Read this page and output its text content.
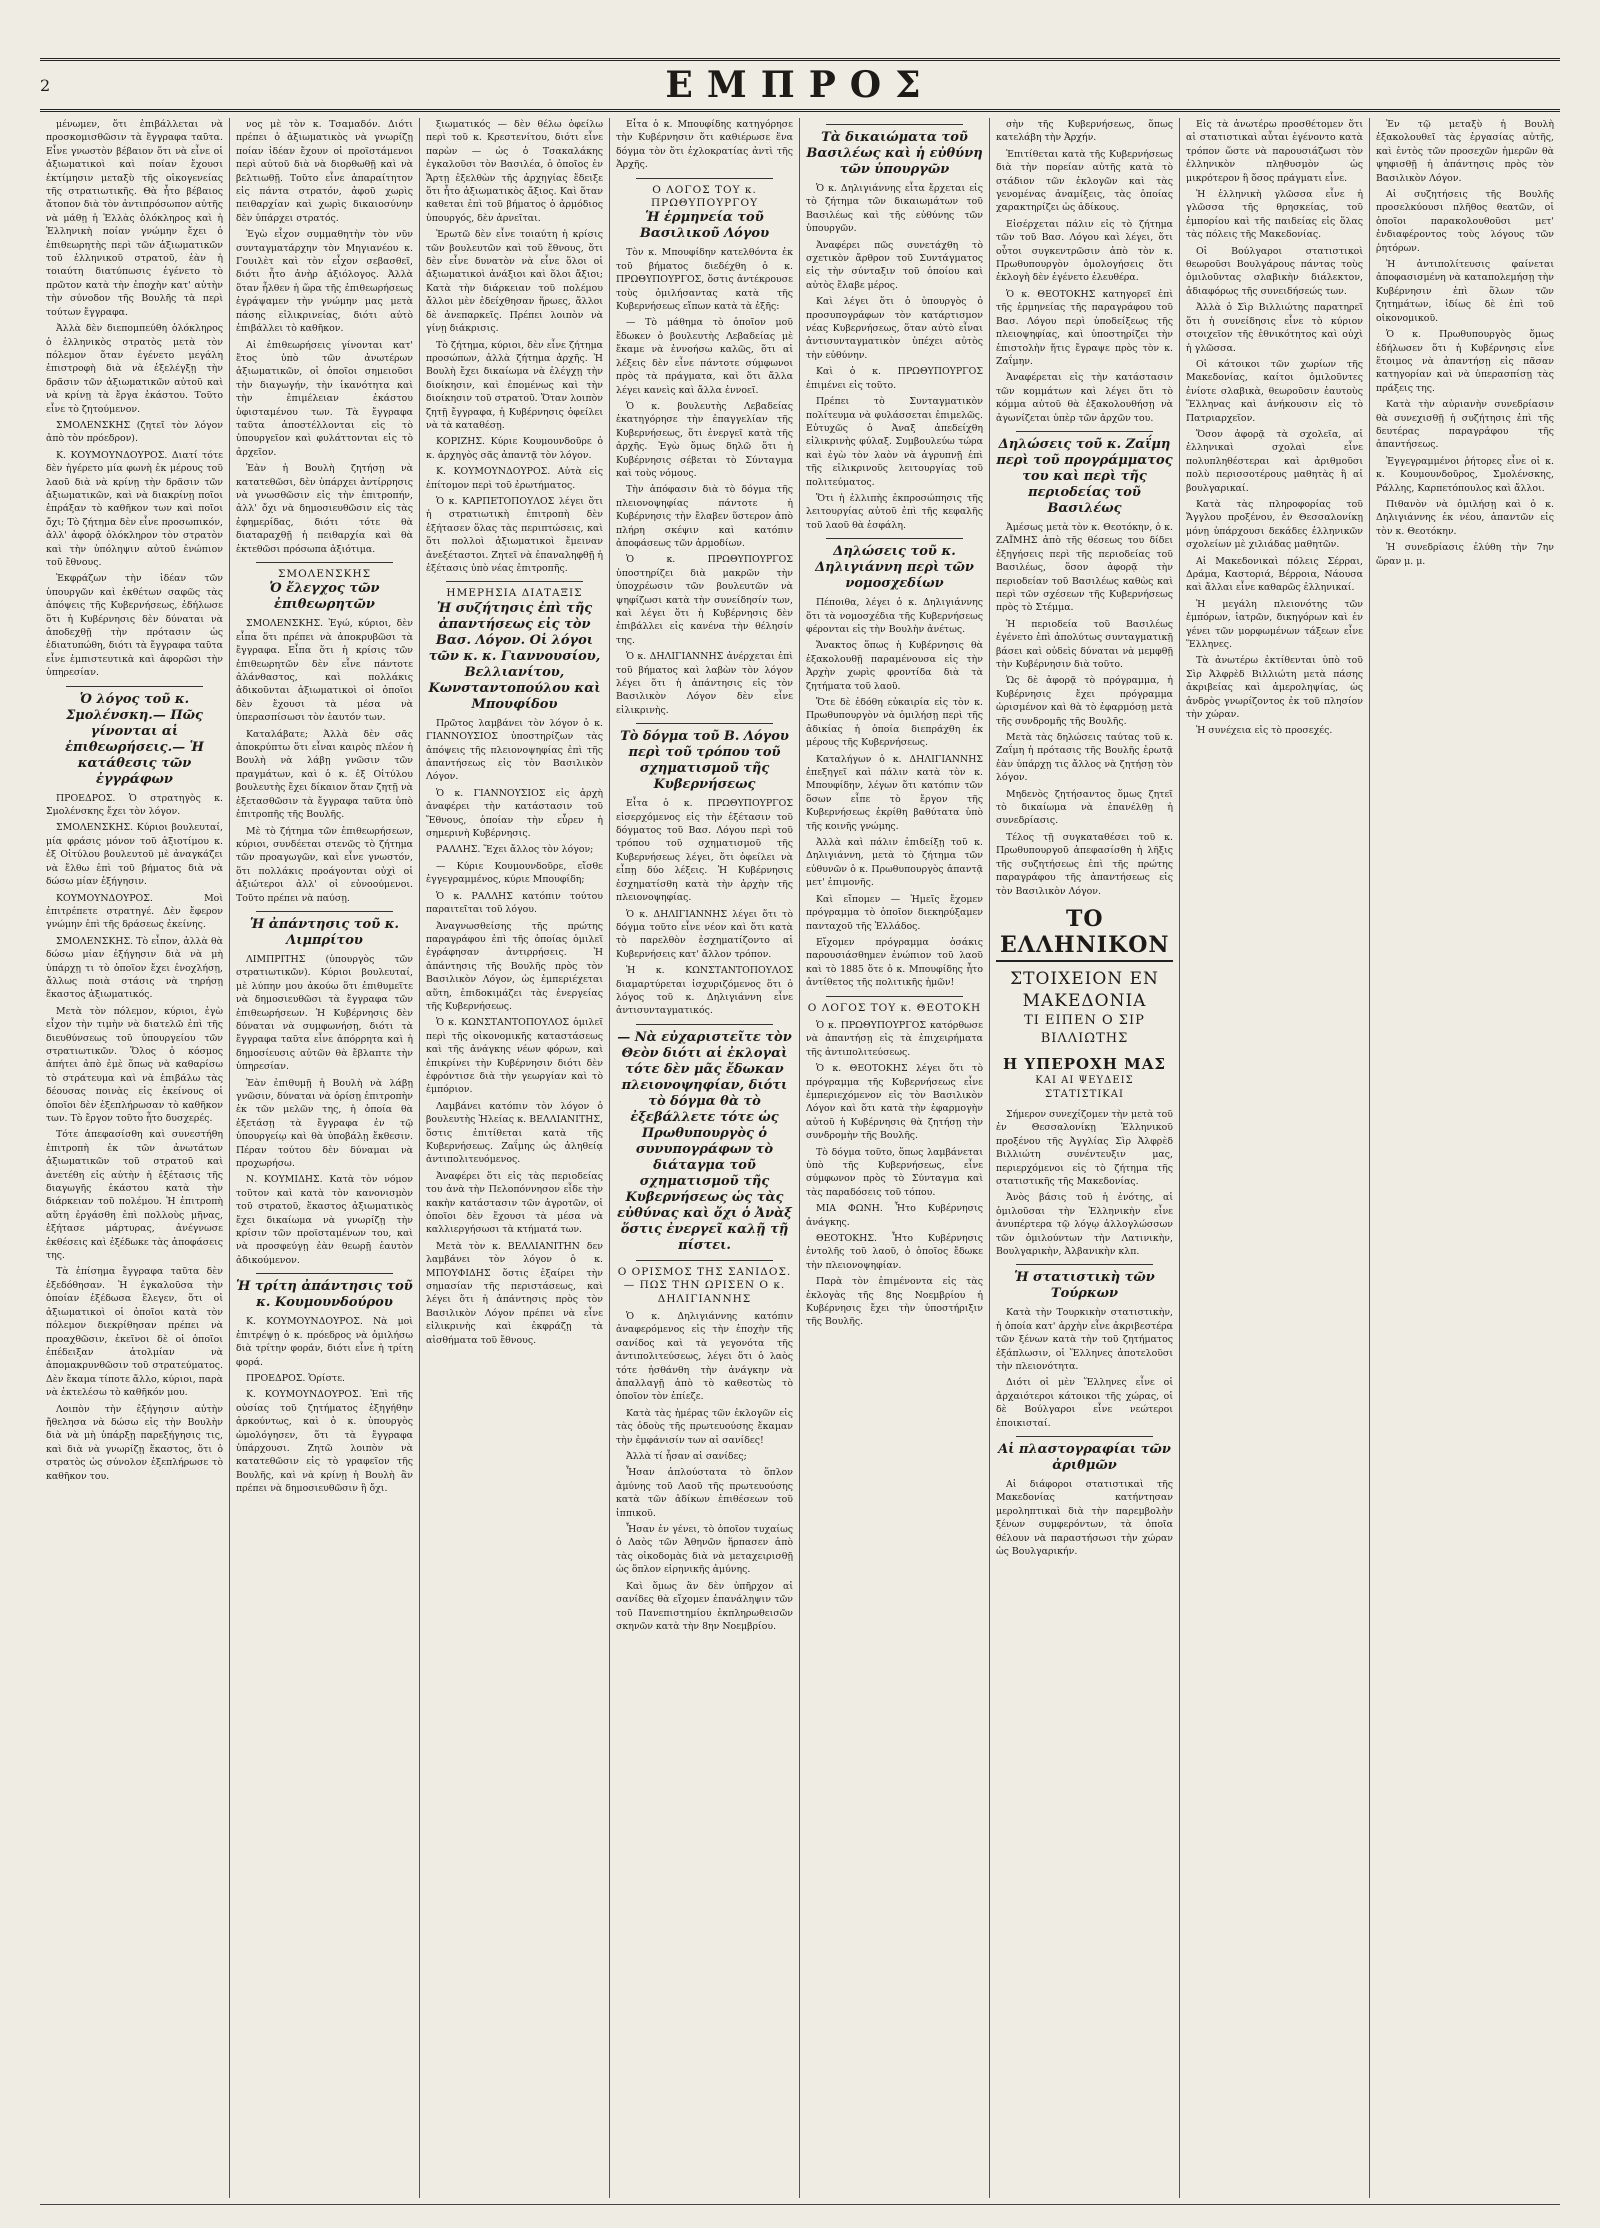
2	ΕΜΠΡΟΣ

μένωμεν, ὅτι ἐπιβάλλεται νὰ προσκομισθῶσιν τὰ ἔγγραφα ταῦτα. Εἶνε γνωστὸν βέβαιον ὅτι νὰ εἶνε οἱ ἀξιωματικοὶ καὶ ποίαν ἔχουσι ἐκτίμησιν μεταξὺ τῆς οἰκογενείας τῆς στρατιωτικῆς. Θὰ ἦτο βέβαιος ἄτοπον διὰ τὸν ἀντιπρόσωπον αὐτῆς νὰ μάθῃ ἡ Ἑλλὰς ὁλόκληρος καὶ ἡ Ἑλληνικὴ ποίαν γνώμην ἔχει ὁ ἐπιθεωρητὴς περὶ τῶν ἀξιωματικῶν τοῦ ἑλληνικοῦ στρατοῦ, ἐὰν ἡ τοιαύτη διατύπωσις ἐγένετο τὸ πρῶτον κατὰ τὴν ἐποχὴν κατ' αὐτὴν τὴν σύνοδον τῆς Βουλῆς τὰ περὶ τούτων ἔγγραφα.

Ἀλλὰ δὲν διεπομπεύθη ὁλόκληρος ὁ ἑλληνικὸς στρατὸς μετὰ τὸν πόλεμον ὅταν ἐγένετο μεγάλη ἐπιστροφὴ διὰ νὰ ἐξελέγξῃ τὴν δρᾶσιν τῶν ἀξιωματικῶν αὐτοῦ καὶ νὰ κρίνῃ τὰ ἔργα ἑκάστου. Τοῦτο εἶνε τὸ ζητούμενον.

ΣΜΟΛΕΝΣΚΗΣ (ζητεῖ τὸν λόγον ἀπὸ τὸν πρόεδρον).

Κ. ΚΟΥΜΟΥΝΔΟΥΡΟΣ. Διατί τότε δὲν ἠγέρετο μία φωνὴ ἐκ μέρους τοῦ λαοῦ διὰ νὰ κρίνῃ τὴν δρᾶσιν τῶν ἀξιωματικῶν, καὶ νὰ διακρίνῃ ποῖοι ἐπράξαν τὸ καθῆκον των καὶ ποῖοι ὄχι; Τὸ ζήτημα δὲν εἶνε προσωπικόν, ἀλλ' ἀφορᾷ ὁλόκληρον τὸν στρατὸν καὶ τὴν ὑπόληψιν αὐτοῦ ἐνώπιον τοῦ ἔθνους.

Ἐκφράζων τὴν ἰδέαν τῶν ὑπουργῶν καὶ ἐκθέτων σαφῶς τὰς ἀπόψεις τῆς Κυβερνήσεως, ἐδήλωσε ὅτι ἡ Κυβέρνησις δὲν δύναται νὰ ἀποδεχθῇ τὴν πρότασιν ὡς ἐδιατυπώθη, διότι τὰ ἔγγραφα ταῦτα εἶνε ἐμπιστευτικὰ καὶ ἀφορῶσι τὴν ὑπηρεσίαν.

Ὁ λόγος τοῦ κ. Σμολένσκη.— Πῶς γίνονται αἱ ἐπιθεωρήσεις.— Ἡ κατάθεσις τῶν ἐγγράφων

ΠΡΟΕΔΡΟΣ. Ὁ στρατηγὸς κ. Σμολένσκης ἔχει τὸν λόγον.

ΣΜΟΛΕΝΣΚΗΣ. Κύριοι βουλευταί, μία φράσις μόνον τοῦ ἀξιοτίμου κ. ἐξ Οἰτύλου βουλευτοῦ μὲ ἀναγκάζει νὰ ἔλθω ἐπὶ τοῦ βήματος διὰ νὰ δώσω μίαν ἐξήγησιν.

ΚΟΥΜΟΥΝΔΟΥΡΟΣ. Μοὶ ἐπιτρέπετε στρατηγέ. Δὲν ἔφερον γνώμην ἐπὶ τῆς δράσεως ἐκείνης.

ΣΜΟΛΕΝΣΚΗΣ. Τὸ εἶπον, ἀλλὰ θὰ δώσω μίαν ἐξήγησιν διὰ νὰ μὴ ὑπάρχῃ τι τὸ ὁποῖον ἔχει ἐνοχλήσῃ, ἄλλως ποιὰ στάσις νὰ τηρήσῃ ἕκαστος ἀξιωματικός.

Μετὰ τὸν πόλεμον, κύριοι, ἐγὼ εἶχον τὴν τιμὴν νὰ διατελῶ ἐπὶ τῆς διευθύνσεως τοῦ ὑπουργείου τῶν στρατιωτικῶν. Ὅλος ὁ κόσμος ἀπήτει ἀπὸ ἐμὲ ὅπως νὰ καθαρίσω τὸ στράτευμα καὶ νὰ ἐπιβάλω τὰς δέουσας ποινὰς εἰς ἐκείνους οἱ ὁποῖοι δὲν ἐξεπλήρωσαν τὸ καθῆκον των. Τὸ ἔργον τοῦτο ἦτο δυσχερές.

Τότε ἀπεφασίσθη καὶ συνεστήθη ἐπιτροπὴ ἐκ τῶν ἀνωτάτων ἀξιωματικῶν τοῦ στρατοῦ καὶ ἀνετέθη εἰς αὐτὴν ἡ ἐξέτασις τῆς διαγωγῆς ἑκάστου κατὰ τὴν διάρκειαν τοῦ πολέμου. Ἡ ἐπιτροπὴ αὕτη ἐργάσθη ἐπὶ πολλοὺς μῆνας, ἐξήτασε μάρτυρας, ἀνέγνωσε ἐκθέσεις καὶ ἐξέδωκε τὰς ἀποφάσεις της.

Τὰ ἐπίσημα ἔγγραφα ταῦτα δὲν ἐξεδόθησαν. Ἡ ἐγκαλοῦσα τὴν ὁποίαν ἐξέδωσα ἔλεγεν, ὅτι οἱ ἀξιωματικοὶ οἱ ὁποῖοι κατὰ τὸν πόλεμον διεκρίθησαν πρέπει νὰ προαχθῶσιν, ἐκεῖνοι δὲ οἱ ὁποῖοι ἐπέδειξαν ἀτολμίαν νὰ ἀπομακρυνθῶσιν τοῦ στρατεύματος. Δὲν ἔκαμα τίποτε ἄλλο, κύριοι, παρὰ νὰ ἐκτελέσω τὸ καθῆκόν μου.

Λοιπὸν τὴν ἐξήγησιν αὐτὴν ἤθελησα νὰ δώσω εἰς τὴν Βουλὴν διὰ νὰ μὴ ὑπάρξῃ παρεξήγησις τις, καὶ διὰ νὰ γνωρίζῃ ἕκαστος, ὅτι ὁ στρατὸς ὡς σύνολον ἐξεπλήρωσε τὸ καθῆκον του.

νος μὲ τὸν κ. Τσαμαδόν. Διότι πρέπει ὁ ἀξιωματικὸς νὰ γνωρίζῃ ποίαν ἰδέαν ἔχουν οἱ προϊστάμενοι περὶ αὐτοῦ διὰ νὰ διορθωθῇ καὶ νὰ βελτιωθῇ. Τοῦτο εἶνε ἀπαραίτητον εἰς πάντα στρατόν, ἀφοῦ χωρὶς πειθαρχίαν καὶ χωρὶς δικαιοσύνην δὲν ὑπάρχει στρατός.

Ἐγὼ εἶχον συμμαθητὴν τὸν νῦν συνταγματάρχην τὸν Μηγιανέου κ. Γουιλὲτ καὶ τὸν εἶχον σεβασθεῖ, διότι ἦτο ἀνὴρ ἀξιόλογος. Ἀλλὰ ὅταν ἦλθεν ἡ ὥρα τῆς ἐπιθεωρήσεως ἐγράψαμεν τὴν γνώμην μας μετὰ πάσης εἰλικρινείας, διότι αὐτὸ ἐπιβάλλει τὸ καθῆκον.

Αἱ ἐπιθεωρήσεις γίνονται κατ' ἔτος ὑπὸ τῶν ἀνωτέρων ἀξιωματικῶν, οἱ ὁποῖοι σημειοῦσι τὴν διαγωγήν, τὴν ἱκανότητα καὶ τὴν ἐπιμέλειαν ἑκάστου ὑφισταμένου των. Τὰ ἔγγραφα ταῦτα ἀποστέλλονται εἰς τὸ ὑπουργεῖον καὶ φυλάττονται εἰς τὸ ἀρχεῖον.

Ἐὰν ἡ Βουλὴ ζητήσῃ νὰ κατατεθῶσι, δὲν ὑπάρχει ἀντίρρησις νὰ γνωσθῶσιν εἰς τὴν ἐπιτροπήν, ἀλλ' ὄχι νὰ δημοσιευθῶσιν εἰς τὰς ἐφημερίδας, διότι τότε θὰ διαταραχθῇ ἡ πειθαρχία καὶ θὰ ἐκτεθῶσι πρόσωπα ἀξιότιμα.

ΣΜΟΛΕΝΣΚΗΣ
Ὁ ἔλεγχος τῶν ἐπιθεωρητῶν

ΣΜΟΛΕΝΣΚΗΣ. Ἐγώ, κύριοι, δὲν εἶπα ὅτι πρέπει νὰ ἀποκρυβῶσι τὰ ἔγγραφα. Εἶπα ὅτι ἡ κρίσις τῶν ἐπιθεωρητῶν δὲν εἶνε πάντοτε ἀλάνθαστος, καὶ πολλάκις ἀδικοῦνται ἀξιωματικοὶ οἱ ὁποῖοι δὲν ἔχουσι τὰ μέσα νὰ ὑπερασπίσωσι τὸν ἑαυτόν των.

Καταλάβατε; Ἀλλὰ δὲν σᾶς ἀποκρύπτω ὅτι εἶναι καιρὸς πλέον ἡ Βουλὴ νὰ λάβῃ γνῶσιν τῶν πραγμάτων, καὶ ὁ κ. ἐξ Οἰτύλου βουλευτὴς ἔχει δίκαιον ὅταν ζητῇ νὰ ἐξετασθῶσιν τὰ ἔγγραφα ταῦτα ὑπὸ ἐπιτροπῆς τῆς Βουλῆς.

Μὲ τὸ ζήτημα τῶν ἐπιθεωρήσεων, κύριοι, συνδέεται στενῶς τὸ ζήτημα τῶν προαγωγῶν, καὶ εἶνε γνωστόν, ὅτι πολλάκις προάγονται οὐχὶ οἱ ἀξιώτεροι ἀλλ' οἱ εὐνοούμενοι. Τοῦτο πρέπει νὰ παύσῃ.

Ἡ ἀπάντησις τοῦ κ. Λιμπρίτου

ΛΙΜΠΡΙΤΗΣ (ὑπουργὸς τῶν στρατιωτικῶν). Κύριοι βουλευταί, μὲ λύπην μου ἀκούω ὅτι ἐπιθυμεῖτε νὰ δημοσιευθῶσι τὰ ἔγγραφα τῶν ἐπιθεωρήσεων. Ἡ Κυβέρνησις δὲν δύναται νὰ συμφωνήσῃ, διότι τὰ ἔγγραφα ταῦτα εἶνε ἀπόρρητα καὶ ἡ δημοσίευσις αὐτῶν θὰ ἔβλαπτε τὴν ὑπηρεσίαν.

Ἐὰν ἐπιθυμῇ ἡ Βουλὴ νὰ λάβῃ γνῶσιν, δύναται νὰ ὁρίσῃ ἐπιτροπὴν ἐκ τῶν μελῶν της, ἡ ὁποία θὰ ἐξετάσῃ τὰ ἔγγραφα ἐν τῷ ὑπουργείῳ καὶ θὰ ὑποβάλῃ ἔκθεσιν. Πέραν τούτου δὲν δύναμαι νὰ προχωρήσω.

Ν. ΚΟΥΜΙΔΗΣ. Κατὰ τὸν νόμον τοῦτον καὶ κατὰ τὸν κανονισμὸν τοῦ στρατοῦ, ἕκαστος ἀξιωματικὸς ἔχει δικαίωμα νὰ γνωρίζῃ τὴν κρίσιν τῶν προϊσταμένων του, καὶ νὰ προσφεύγῃ ἐὰν θεωρῇ ἑαυτὸν ἀδικούμενον.

Ἡ τρίτη ἀπάντησις τοῦ κ. Κουμουνδούρου

Κ. ΚΟΥΜΟΥΝΔΟΥΡΟΣ. Νὰ μοὶ ἐπιτρέψῃ ὁ κ. πρόεδρος νὰ ὁμιλήσω διὰ τρίτην φοράν, διότι εἶνε ἡ τρίτη φορά.

ΠΡΟΕΔΡΟΣ. Ὁρίστε.

Κ. ΚΟΥΜΟΥΝΔΟΥΡΟΣ. Ἐπὶ τῆς οὐσίας τοῦ ζητήματος ἐξηγήθην ἀρκούντως, καὶ ὁ κ. ὑπουργὸς ὡμολόγησεν, ὅτι τὰ ἔγγραφα ὑπάρχουσι. Ζητῶ λοιπὸν νὰ κατατεθῶσιν εἰς τὸ γραφεῖον τῆς Βουλῆς, καὶ νὰ κρίνῃ ἡ Βουλὴ ἂν πρέπει νὰ δημοσιευθῶσιν ἢ ὄχι.

ξιωματικός — δὲν θέλω ὀφείλω περὶ τοῦ κ. Κρεστενίτου, διότι εἶνε παρὼν — ὡς ὁ Τσακαλάκης ἐγκαλοῦσι τὸν Βασιλέα, ὁ ὁποῖος ἐν Ἄρτῃ ἐξελθὼν τῆς ἀρχηγίας ἔδειξε ὅτι ἦτο ἀξιωματικὸς ἄξιος. Καὶ ὅταν καθεται ἐπὶ τοῦ βήματος ὁ ἀρμόδιος ὑπουργός, δὲν ἀρνεῖται.

Ἐρωτῶ δὲν εἶνε τοιαύτη ἡ κρίσις τῶν βουλευτῶν καὶ τοῦ ἔθνους, ὅτι δὲν εἶνε δυνατὸν νὰ εἶνε ὅλοι οἱ ἀξιωματικοὶ ἀνάξιοι καὶ ὅλοι ἄξιοι; Κατὰ τὴν διάρκειαν τοῦ πολέμου ἄλλοι μὲν ἐδείχθησαν ἥρωες, ἄλλοι δὲ ἀνεπαρκεῖς. Πρέπει λοιπὸν νὰ γίνῃ διάκρισις.

Τὸ ζήτημα, κύριοι, δὲν εἶνε ζήτημα προσώπων, ἀλλὰ ζήτημα ἀρχῆς. Ἡ Βουλὴ ἔχει δικαίωμα νὰ ἐλέγχῃ τὴν διοίκησιν, καὶ ἐπομένως καὶ τὴν διοίκησιν τοῦ στρατοῦ. Ὅταν λοιπὸν ζητῇ ἔγγραφα, ἡ Κυβέρνησις ὀφείλει νὰ τὰ καταθέσῃ.

ΚΟΡΙΖΗΣ. Κύριε Κουμουνδοῦρε ὁ κ. ἀρχηγὸς σᾶς ἀπαντᾷ τὸν λόγον.

Κ. ΚΟΥΜΟΥΝΔΟΥΡΟΣ. Αὐτὰ εἰς ἐπίτομον περὶ τοῦ ἐρωτήματος.

Ὁ κ. ΚΑΡΠΕΤΟΠΟΥΛΟΣ λέγει ὅτι ἡ στρατιωτικὴ ἐπιτροπὴ δὲν ἐξήτασεν ὅλας τὰς περιπτώσεις, καὶ ὅτι πολλοὶ ἀξιωματικοὶ ἔμειναν ἀνεξέταστοι. Ζητεῖ νὰ ἐπαναληφθῇ ἡ ἐξέτασις ὑπὸ νέας ἐπιτροπῆς.

ΗΜΕΡΗΣΙΑ ΔΙΑΤΑΞΙΣ
Ἡ συζήτησις ἐπὶ τῆς ἀπαντήσεως εἰς τὸν Βασ. Λόγον. Οἱ λόγοι τῶν κ. κ. Γιαννουσίου, Βελλιανίτου, Κωνσταντοπούλου καὶ Μπουφίδου

Πρῶτος λαμβάνει τὸν λόγον ὁ κ. ΓΙΑΝΝΟΥΣΙΟΣ ὑποστηρίζων τὰς ἀπόψεις τῆς πλειονοψηφίας ἐπὶ τῆς ἀπαντήσεως εἰς τὸν Βασιλικὸν Λόγον.

Ὁ κ. ΓΙΑΝΝΟΥΣΙΟΣ εἰς ἀρχὴ ἀναφέρει τὴν κατάστασιν τοῦ Ἔθνους, ὁποίαν τὴν εὗρεν ἡ σημερινὴ Κυβέρνησις.

ΡΑΛΛΗΣ. Ἔχει ἄλλος τὸν λόγον;

— Κύριε Κουμουνδοῦρε, εἴσθε ἐγγεγραμμένος, κύριε Μπουφίδη;

Ὁ κ. ΡΑΛΛΗΣ κατόπιν τούτου παραιτεῖται τοῦ λόγου.

Ἀναγνωσθείσης τῆς πρώτης παραγράφου ἐπὶ τῆς ὁποίας ὁμιλεῖ ἐγράφησαν ἀντιρρήσεις. Ἡ ἀπάντησις τῆς Βουλῆς πρὸς τὸν Βασιλικὸν Λόγον, ὡς ἐμπεριέχεται αὕτη, ἐπιδοκιμάζει τὰς ἐνεργείας τῆς Κυβερνήσεως.

Ὁ κ. ΚΩΝΣΤΑΝΤΟΠΟΥΛΟΣ ὁμιλεῖ περὶ τῆς οἰκονομικῆς καταστάσεως καὶ τῆς ἀνάγκης νέων φόρων, καὶ ἐπικρίνει τὴν Κυβέρνησιν διότι δὲν ἐφρόντισε διὰ τὴν γεωργίαν καὶ τὸ ἐμπόριον.

Λαμβάνει κατόπιν τὸν λόγον ὁ βουλευτὴς Ἠλείας κ. ΒΕΛΛΙΑΝΙΤΗΣ, ὅστις ἐπιτίθεται κατὰ τῆς Κυβερνήσεως. Ζαΐμης ὡς ἀληθείᾳ ἀντιπολιτευόμενος.

Ἀναφέρει ὅτι εἰς τὰς περιοδείας του ἀνὰ τὴν Πελοπόννησον εἶδε τὴν κακὴν κατάστασιν τῶν ἀγροτῶν, οἱ ὁποῖοι δὲν ἔχουσι τὰ μέσα νὰ καλλιεργήσωσι τὰ κτήματά των.

Μετὰ τὸν κ. ΒΕΛΛΙΑΝΙΤΗΝ δεν λαμβάνει τὸν λόγον ὁ κ. ΜΠΟΥΦΙΔΗΣ ὅστις ἐξαίρει τὴν σημασίαν τῆς περιστάσεως, καὶ λέγει ὅτι ἡ ἀπάντησις πρὸς τὸν Βασιλικὸν Λόγον πρέπει νὰ εἶνε εἰλικρινὴς καὶ ἐκφράζῃ τὰ αἰσθήματα τοῦ ἔθνους.

Εἶτα ὁ κ. Μπουφίδης κατηγόρησε τὴν Κυβέρνησιν ὅτι καθιέρωσε ἕνα δόγμα τὸν ὅτι ἐχλοκρατίας ἀντὶ τῆς Ἀρχῆς.

Ο ΛΟΓΟΣ ΤΟΥ κ. ΠΡΩΘΥΠΟΥΡΓΟΥ
Ἡ ἑρμηνεία τοῦ Βασιλικοῦ Λόγου

Τὸν κ. Μπουφίδην κατελθόντα ἐκ τοῦ βήματος διεδέχθη ὁ κ. ΠΡΩΘΥΠΟΥΡΓΟΣ, ὅστις ἀντέκρουσε τοὺς ὁμιλήσαντας κατὰ τῆς Κυβερνήσεως εἴπων κατὰ τὰ ἑξῆς:

— Τὸ μάθημα τὸ ὁποῖον μοῦ ἔδωκεν ὁ βουλευτὴς Λεβαδείας μὲ ἔκαμε νὰ ἐννοήσω καλῶς, ὅτι αἱ λέξεις δὲν εἶνε πάντοτε σύμφωνοι πρὸς τὰ πράγματα, καὶ ὅτι ἄλλα λέγει κανεὶς καὶ ἄλλα ἐννοεῖ.

Ὁ κ. βουλευτὴς Λεβαδείας ἐκατηγόρησε τὴν ἐπαγγελίαν τῆς Κυβερνήσεως, ὅτι ἐνεργεῖ κατὰ τῆς ἀρχῆς. Ἐγὼ ὅμως δηλῶ ὅτι ἡ Κυβέρνησις σέβεται τὸ Σύνταγμα καὶ τοὺς νόμους.

Τὴν ἀπόφασιν διὰ τὸ δόγμα τῆς πλειονοψηφίας πάντοτε ἡ Κυβέρνησις τὴν ἔλαβεν ὕστερον ἀπὸ πλήρη σκέψιν καὶ κατόπιν ἀποφάσεως τῶν ἀρμοδίων.

Ὁ κ. ΠΡΩΘΥΠΟΥΡΓΟΣ ὑποστηρίζει διὰ μακρῶν τὴν ὑποχρέωσιν τῶν βουλευτῶν νὰ ψηφίζωσι κατὰ τὴν συνείδησίν των, καὶ λέγει ὅτι ἡ Κυβέρνησις δὲν ἐπιβάλλει εἰς κανένα τὴν θέλησίν της.

Ὁ κ. ΔΗΛΙΓΙΑΝΝΗΣ ἀνέρχεται ἐπὶ τοῦ βήματος καὶ λαβὼν τὸν λόγον λέγει ὅτι ἡ ἀπάντησις εἰς τὸν Βασιλικὸν Λόγον δὲν εἶνε εἰλικρινὴς.

Τὸ δόγμα τοῦ Β. Λόγου περὶ τοῦ τρόπου τοῦ σχηματισμοῦ τῆς Κυβερνήσεως

Εἶτα ὁ κ. ΠΡΩΘΥΠΟΥΡΓΟΣ εἰσερχόμενος εἰς τὴν ἐξέτασιν τοῦ δόγματος τοῦ Βασ. Λόγου περὶ τοῦ τρόπου τοῦ σχηματισμοῦ τῆς Κυβερνήσεως λέγει, ὅτι ὀφείλει νὰ εἶπῃ δύο λέξεις. Ἡ Κυβέρνησις ἐσχηματίσθη κατὰ τὴν ἀρχὴν τῆς πλειονοψηφίας.

Ὁ κ. ΔΗΛΙΓΙΑΝΝΗΣ λέγει ὅτι τὸ δόγμα τοῦτο εἶνε νέον καὶ ὅτι κατὰ τὸ παρελθὸν ἐσχηματίζοντο αἱ Κυβερνήσεις κατ' ἄλλον τρόπον.

Ἡ κ. ΚΩΝΣΤΑΝΤΟΠΟΥΛΟΣ διαμαρτύρεται ἰσχυριζόμενος ὅτι ὁ λόγος τοῦ κ. Δηλιγιάννη εἶνε ἀντισυνταγματικός.

— Νὰ εὐχαριστεῖτε τὸν Θεὸν διότι αἱ ἐκλογαὶ τότε δὲν μᾶς ἔδωκαν πλειονοψηφίαν, διότι τὸ δόγμα θὰ τὸ ἐξεβάλλετε τότε ὡς Πρωθυπουργὸς ὁ συνυπογράφων τὸ διάταγμα τοῦ σχηματισμοῦ τῆς Κυβερνήσεως ὡς τὰς εὐθύνας καὶ ὄχι ὁ Ἀνὰξ ὅστις ἐνεργεῖ καλῇ τῇ πίστει.
Ο ΟΡΙΣΜΟΣ ΤΗΣ ΣΑΝΙΔΟΣ. — ΠΩΣ ΤΗΝ ΩΡΙΣΕΝ Ο κ. ΔΗΛΙΓΙΑΝΝΗΣ

Ὁ κ. Δηλιγιάννης κατόπιν ἀναφερόμενος εἰς τὴν ἐποχὴν τῆς σανίδος καὶ τὰ γεγονότα τῆς ἀντιπολιτεύσεως, λέγει ὅτι ὁ λαὸς τότε ἠσθάνθη τὴν ἀνάγκην νὰ ἀπαλλαγῇ ἀπὸ τὸ καθεστὼς τὸ ὁποῖον τὸν ἐπίεζε.

Κατὰ τὰς ἡμέρας τῶν ἐκλογῶν εἰς τὰς ὁδοὺς τῆς πρωτευούσης ἔκαμαν τὴν ἐμφάνισίν των αἱ σανίδες!

Ἀλλὰ τί ἦσαν αἱ σανίδες;

Ἦσαν ἀπλούστατα τὸ ὅπλον ἀμύνης τοῦ Λαοῦ τῆς πρωτευούσης κατὰ τῶν ἀδίκων ἐπιθέσεων τοῦ ἱππικοῦ.

Ἦσαν ἐν γένει, τὸ ὁποῖον τυχαίως ὁ Λαὸς τῶν Ἀθηνῶν ἥρπασεν ἀπὸ τὰς οἰκοδομὰς διὰ νὰ μεταχειρισθῇ ὡς ὅπλον εἰρηνικῆς ἀμύνης.

Καὶ ὅμως ἂν δὲν ὑπῆρχον αἱ σανίδες θὰ εἴχομεν ἐπανάληψιν τῶν τοῦ Πανεπιστημίου ἐκπληρωθεισῶν σκηνῶν κατὰ τὴν 8ην Νοεμβρίου.

Τὰ δικαιώματα τοῦ Βασιλέως καὶ ἡ εὐθύνη τῶν ὑπουργῶν

Ὁ κ. Δηλιγιάννης εἶτα ἔρχεται εἰς τὸ ζήτημα τῶν δικαιωμάτων τοῦ Βασιλέως καὶ τῆς εὐθύνης τῶν ὑπουργῶν.

Ἀναφέρει πῶς συνετάχθη τὸ σχετικὸν ἄρθρον τοῦ Συντάγματος εἰς τὴν σύνταξιν τοῦ ὁποίου καὶ αὐτὸς ἔλαβε μέρος.

Καὶ λέγει ὅτι ὁ ὑπουργὸς ὁ προσυπογράφων τὸν κατάρτισμον νέας Κυβερνήσεως, ὅταν αὐτὸ εἶναι ἀντισυνταγματικὸν ὑπέχει αὐτὸς τὴν εὐθύνην.

Καὶ ὁ κ. ΠΡΩΘΥΠΟΥΡΓΟΣ ἐπιμένει εἰς τοῦτο.

Πρέπει τὸ Συνταγματικὸν πολίτευμα νὰ φυλάσσεται ἐπιμελῶς. Εὐτυχῶς ὁ Ἀναξ ἀπεδείχθη εἰλικρινὴς φύλαξ. Συμβουλεύω τώρα καὶ ἐγὼ τὸν λαὸν νὰ ἀγρυπνῇ ἐπὶ τῆς εἰλικρινοῦς λειτουργίας τοῦ πολιτεύματος.

Ὅτι ἡ ἐλλιπὴς ἐκπροσώπησις τῆς λειτουργίας αὐτοῦ ἐπὶ τῆς κεφαλῆς τοῦ λαοῦ θὰ ἐσφάλη.

Δηλώσεις τοῦ κ. Δηλιγιάννη περὶ τῶν νομοσχεδίων

Πέποιθα, λέγει ὁ κ. Δηλιγιάννης ὅτι τὰ νομοσχέδια τῆς Κυβερνήσεως φέρονται εἰς τὴν Βουλὴν ἀνέτως.

Ἄνακτος ὅπως ἡ Κυβέρνησις θὰ ἐξακολουθῇ παραμένουσα εἰς τὴν Ἀρχὴν χωρὶς φροντίδα διὰ τὰ ζητήματα τοῦ λαοῦ.

Ὅτε δὲ ἐδόθη εὐκαιρία εἰς τὸν κ. Πρωθυπουργὸν νὰ ὁμιλήσῃ περὶ τῆς ἀδικίας ἡ ὁποία διεπράχθη ἐκ μέρους τῆς Κυβερνήσεως.

Καταλήγων ὁ κ. ΔΗΛΙΓΙΑΝΝΗΣ ἐπεξηγεῖ καὶ πάλιν κατὰ τὸν κ. Μπουφίδην, λέγων ὅτι κατόπιν τῶν ὅσων εἶπε τὸ ἔργον τῆς Κυβερνήσεως ἐκρίθη βαθύτατα ὑπὸ τῆς κοινῆς γνώμης.

Ἀλλὰ καὶ πάλιν ἐπιδείξῃ τοῦ κ. Δηλιγιάννη, μετὰ τὸ ζήτημα τῶν εὐθυνῶν ὁ κ. Πρωθυπουργὸς ἀπαντᾷ μετ' ἐπιμονῆς.

Καὶ εἴπομεν — Ἡμεῖς ἔχομεν πρόγραμμα τὸ ὁποῖον διεκηρύξαμεν πανταχοῦ τῆς Ἑλλάδος.

Εἴχομεν πρόγραμμα ὁσάκις παρουσιάσθημεν ἐνώπιον τοῦ λαοῦ καὶ τὸ 1885 ὅτε ὁ κ. Μπουφίδης ἦτο ἀντίθετος τῆς πολιτικῆς ἡμῶν!

Ο ΛΟΓΟΣ ΤΟΥ κ. ΘΕΟΤΟΚΗ

Ὁ κ. ΠΡΩΘΥΠΟΥΡΓΟΣ κατόρθωσε νὰ ἀπαντήσῃ εἰς τὰ ἐπιχειρήματα τῆς ἀντιπολιτεύσεως.

Ὁ κ. ΘΕΟΤΟΚΗΣ λέγει ὅτι τὸ πρόγραμμα τῆς Κυβερνήσεως εἶνε ἐμπεριεχόμενον εἰς τὸν Βασιλικὸν Λόγον καὶ ὅτι κατὰ τὴν ἐφαρμογὴν αὐτοῦ ἡ Κυβέρνησις θὰ ζητήσῃ τὴν συνδρομὴν τῆς Βουλῆς.

Τὸ δόγμα τοῦτο, ὅπως λαμβάνεται ὑπὸ τῆς Κυβερνήσεως, εἶνε σύμφωνον πρὸς τὸ Σύνταγμα καὶ τὰς παραδόσεις τοῦ τόπου.

ΜΙΑ ΦΩΝΗ. Ἦτο Κυβέρνησις ἀνάγκης.

ΘΕΟΤΟΚΗΣ. Ἦτο Κυβέρνησις ἐντολῆς τοῦ λαοῦ, ὁ ὁποῖος ἔδωκε τὴν πλειονοψηφίαν.

Παρὰ τὸν ἐπιμένοντα εἰς τὰς ἐκλογὰς τῆς 8ης Νοεμβρίου ἡ Κυβέρνησις ἔχει τὴν ὑποστήριξιν τῆς Βουλῆς.

σὴν τῆς Κυβερνήσεως, ὅπως κατελάβη τὴν Ἀρχήν.

Ἐπιτίθεται κατὰ τῆς Κυβερνήσεως διὰ τὴν πορείαν αὐτῆς κατὰ τὸ στάδιον τῶν ἐκλογῶν καὶ τὰς γενομένας ἀναμίξεις, τὰς ὁποίας χαρακτηρίζει ὡς ἀδίκους.

Εἰσέρχεται πάλιν εἰς τὸ ζήτημα τῶν τοῦ Βασ. Λόγου καὶ λέγει, ὅτι οὗτοι συγκεντρῶσιν ἀπὸ τὸν κ. Πρωθυπουργὸν ὁμολογήσεις ὅτι ἐκλογὴ δὲν ἐγένετο ἐλευθέρα.

Ὁ κ. ΘΕΟΤΟΚΗΣ κατηγορεῖ ἐπὶ τῆς ἑρμηνείας τῆς παραγράφου τοῦ Βασ. Λόγου περὶ ὑποδείξεως τῆς πλειοψηφίας, καὶ ὑποστηρίζει τὴν ἐπιστολὴν ἥτις ἔγραψε πρὸς τὸν κ. Ζαΐμην.

Ἀναφέρεται εἰς τὴν κατάστασιν τῶν κομμάτων καὶ λέγει ὅτι τὸ κόμμα αὐτοῦ θὰ ἐξακολουθήσῃ νὰ ἀγωνίζεται ὑπὲρ τῶν ἀρχῶν του.

Δηλώσεις τοῦ κ. Ζαΐμη περὶ τοῦ προγράμματος του καὶ περὶ τῆς περιοδείας τοῦ Βασιλέως

Ἀμέσως μετὰ τὸν κ. Θεοτόκην, ὁ κ. ΖΑΪΜΗΣ ἀπὸ τῆς θέσεως του δίδει ἐξηγήσεις περὶ τῆς περιοδείας τοῦ Βασιλέως, ὅσον ἀφορᾷ τὴν περιοδείαν τοῦ Βασιλέως καθὼς καὶ περὶ τῶν σχέσεων τῆς Κυβερνήσεως πρὸς τὸ Στέμμα.

Ἡ περιοδεία τοῦ Βασιλέως ἐγένετο ἐπὶ ἀπολύτως συνταγματικῇ βάσει καὶ οὐδεὶς δύναται νὰ μεμφθῇ τὴν Κυβέρνησιν διὰ τοῦτο.

Ὡς δὲ ἀφορᾷ τὸ πρόγραμμα, ἡ Κυβέρνησις ἔχει πρόγραμμα ὡρισμένον καὶ θὰ τὸ ἐφαρμόσῃ μετὰ τῆς συνδρομῆς τῆς Βουλῆς.

Μετὰ τὰς δηλώσεις ταύτας τοῦ κ. Ζαΐμη ἡ πρότασις τῆς Βουλῆς ἐρωτᾷ ἐὰν ὑπάρχῃ τις ἄλλος νὰ ζητήσῃ τὸν λόγον.

Μηδενὸς ζητήσαντος ὅμως ζητεῖ τὸ δικαίωμα νὰ ἐπανέλθῃ ἡ συνεδρίασις.

Τέλος τῇ συγκαταθέσει τοῦ κ. Πρωθυπουργοῦ ἀπεφασίσθη ἡ λῆξις τῆς συζητήσεως ἐπὶ τῆς πρώτης παραγράφου τῆς ἀπαντήσεως εἰς τὸν Βασιλικὸν Λόγον.

ΤΟ ΕΛΛΗΝΙΚΟΝ
ΣΤΟΙΧΕΙΟΝ ΕΝ ΜΑΚΕΔΟΝΙΑ
ΤΙ ΕΙΠΕΝ Ο ΣΙΡ ΒΙΛΛΙΩΤΗΣ
Η ΥΠΕΡΟΧΗ ΜΑΣ
ΚΑΙ ΑΙ ΨΕΥΔΕΙΣ ΣΤΑΤΙΣΤΙΚΑΙ

Σήμερον συνεχίζομεν τὴν μετὰ τοῦ ἐν Θεσσαλονίκῃ Ἐλληνικοῦ προξένου τῆς Ἀγγλίας Σὶρ Ἀλφρὲδ Βιλλιώτη συνέντευξιν μας, περιερχόμενοι εἰς τὸ ζήτημα τῆς στατιστικῆς τῆς Μακεδονίας.

Ἀνὸς βάσις τοῦ ἡ ἐνότης, αἱ ὁμιλοῦσαι τὴν Ἑλληνικὴν εἶνε ἀνυπέρτερα τῷ λόγῳ ἀλλογλώσσων τῶν ὁμιλούντων τὴν Λατινικὴν, Βουλγαρικὴν, Ἀλβανικὴν κλπ.

Ἡ στατιστικὴ τῶν Τούρκων

Κατὰ τὴν Τουρκικὴν στατιστικὴν, ἡ ὁποία κατ' ἀρχὴν εἶνε ἀκριβεστέρα τῶν ξένων κατὰ τὴν τοῦ ζητήματος ἐξάπλωσιν, οἱ Ἕλληνες ἀποτελοῦσι τὴν πλειονότητα.

Διότι οἱ μὲν Ἕλληνες εἶνε οἱ ἀρχαιότεροι κάτοικοι τῆς χώρας, οἱ δὲ Βούλγαροι εἶνε νεώτεροι ἐποικισταί.

Αἱ πλαστογραφίαι τῶν ἀριθμῶν

Αἱ διάφοροι στατιστικαὶ τῆς Μακεδονίας κατήντησαν μεροληπτικαὶ διὰ τὴν παρεμβολὴν ξένων συμφερόντων, τὰ ὁποῖα θέλουν νὰ παραστήσωσι τὴν χώραν ὡς Βουλγαρικήν.

Εἰς τὰ ἀνωτέρω προσθέτομεν ὅτι αἱ στατιστικαὶ αὗται ἐγένοντο κατὰ τρόπον ὥστε νὰ παρουσιάζωσι τὸν ἑλληνικὸν πληθυσμὸν ὡς μικρότερον ἢ ὅσος πράγματι εἶνε.

Ἡ ἑλληνικὴ γλῶσσα εἶνε ἡ γλῶσσα τῆς θρησκείας, τοῦ ἐμπορίου καὶ τῆς παιδείας εἰς ὅλας τὰς πόλεις τῆς Μακεδονίας.

Οἱ Βούλγαροι στατιστικοὶ θεωροῦσι Βουλγάρους πάντας τοὺς ὁμιλοῦντας σλαβικὴν διάλεκτον, ἀδιαφόρως τῆς συνειδήσεώς των.

Ἀλλὰ ὁ Σὶρ Βιλλιώτης παρατηρεῖ ὅτι ἡ συνείδησις εἶνε τὸ κύριον στοιχεῖον τῆς ἐθνικότητος καὶ οὐχὶ ἡ γλῶσσα.

Οἱ κάτοικοι τῶν χωρίων τῆς Μακεδονίας, καίτοι ὁμιλοῦντες ἐνίοτε σλαβικὰ, θεωροῦσιν ἑαυτοὺς Ἕλληνας καὶ ἀνήκουσιν εἰς τὸ Πατριαρχεῖον.

Ὅσον ἀφορᾷ τὰ σχολεῖα, αἱ ἑλληνικαὶ σχολαὶ εἶνε πολυπληθέστεραι καὶ ἀριθμοῦσι πολὺ περισσοτέρους μαθητὰς ἢ αἱ βουλγαρικαί.

Κατὰ τὰς πληροφορίας τοῦ Ἄγγλου προξένου, ἐν Θεσσαλονίκῃ μόνῃ ὑπάρχουσι δεκάδες ἑλληνικῶν σχολείων μὲ χιλιάδας μαθητῶν.

Αἱ Μακεδονικαὶ πόλεις Σέρραι, Δράμα, Καστοριά, Βέρροια, Νάουσα καὶ ἄλλαι εἶνε καθαρῶς ἑλληνικαί.

Ἡ μεγάλη πλειονότης τῶν ἐμπόρων, ἰατρῶν, δικηγόρων καὶ ἐν γένει τῶν μορφωμένων τάξεων εἶνε Ἕλληνες.

Τὰ ἀνωτέρω ἐκτίθενται ὑπὸ τοῦ Σὶρ Ἀλφρὲδ Βιλλιώτη μετὰ πάσης ἀκριβείας καὶ ἀμεροληψίας, ὡς ἀνδρὸς γνωρίζοντος ἐκ τοῦ πλησίον τὴν χώραν.

Ἡ συνέχεια εἰς τὸ προσεχές.

Ἐν τῷ μεταξὺ ἡ Βουλὴ ἐξακολουθεῖ τὰς ἐργασίας αὐτῆς, καὶ ἐντὸς τῶν προσεχῶν ἡμερῶν θὰ ψηφισθῇ ἡ ἀπάντησις πρὸς τὸν Βασιλικὸν Λόγον.

Αἱ συζητήσεις τῆς Βουλῆς προσελκύουσι πλῆθος θεατῶν, οἱ ὁποῖοι παρακολουθοῦσι μετ' ἐνδιαφέροντος τοὺς λόγους τῶν ῥητόρων.

Ἡ ἀντιπολίτευσις φαίνεται ἀποφασισμένη νὰ καταπολεμήσῃ τὴν Κυβέρνησιν ἐπὶ ὅλων τῶν ζητημάτων, ἰδίως δὲ ἐπὶ τοῦ οἰκονομικοῦ.

Ὁ κ. Πρωθυπουργὸς ὅμως ἐδήλωσεν ὅτι ἡ Κυβέρνησις εἶνε ἕτοιμος νὰ ἀπαντήσῃ εἰς πᾶσαν κατηγορίαν καὶ νὰ ὑπερασπίσῃ τὰς πράξεις της.

Κατὰ τὴν αὐριανὴν συνεδρίασιν θὰ συνεχισθῇ ἡ συζήτησις ἐπὶ τῆς δευτέρας παραγράφου τῆς ἀπαντήσεως.

Ἐγγεγραμμένοι ῥήτορες εἶνε οἱ κ. κ. Κουμουνδοῦρος, Σμολένσκης, Ράλλης, Καρπετόπουλος καὶ ἄλλοι.

Πιθανὸν νὰ ὁμιλήσῃ καὶ ὁ κ. Δηλιγιάννης ἐκ νέου, ἀπαντῶν εἰς τὸν κ. Θεοτόκην.

Ἡ συνεδρίασις ἐλύθη τὴν 7ην ὥραν μ. μ.
